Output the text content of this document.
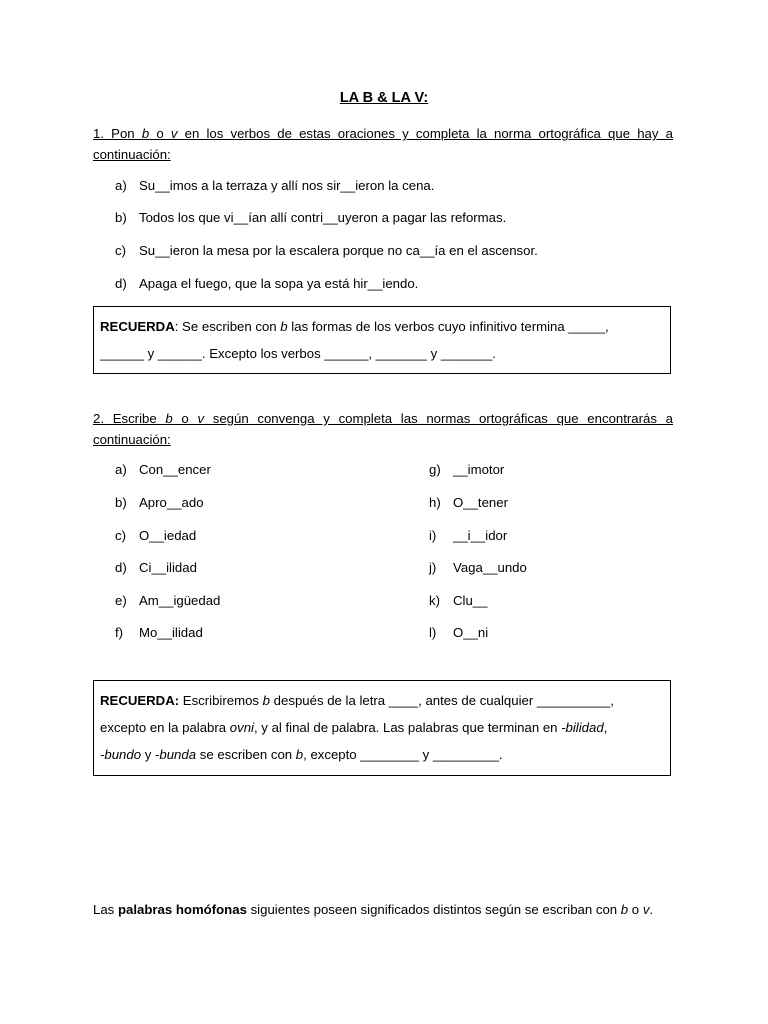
LA B & LA V:
1. Pon b o v en los verbos de estas oraciones y completa la norma ortográfica que hay a continuación:
a) Su__imos a la terraza y allí nos sir__ieron la cena.
b) Todos los que vi__ían allí contri__uyeron a pagar las reformas.
c) Su__ieron la mesa por la escalera porque no ca__ía en el ascensor.
d) Apaga el fuego, que la sopa ya está hir__iendo.
RECUERDA: Se escriben con b las formas de los verbos cuyo infinitivo termina _____,
______ y ______. Excepto los verbos ______, _______ y _______.
2. Escribe b o v según convenga y completa las normas ortográficas que encontrarás a continuación:
a) Con__encer
b) Apro__ado
c) O__iedad
d) Ci__ilidad
e) Am__igüedad
f) Mo__ilidad
g) __imotor
h) O__tener
i) __i__idor
j) Vaga__undo
k) Clu__
l) O__ni
RECUERDA: Escribiremos b después de la letra ____, antes de cualquier __________,
excepto en la palabra ovni, y al final de palabra. Las palabras que terminan en -bilidad,
-bundo y -bunda se escriben con b, excepto ________ y _________.
Las palabras homófonas siguientes poseen significados distintos según se escriban con b o v.
